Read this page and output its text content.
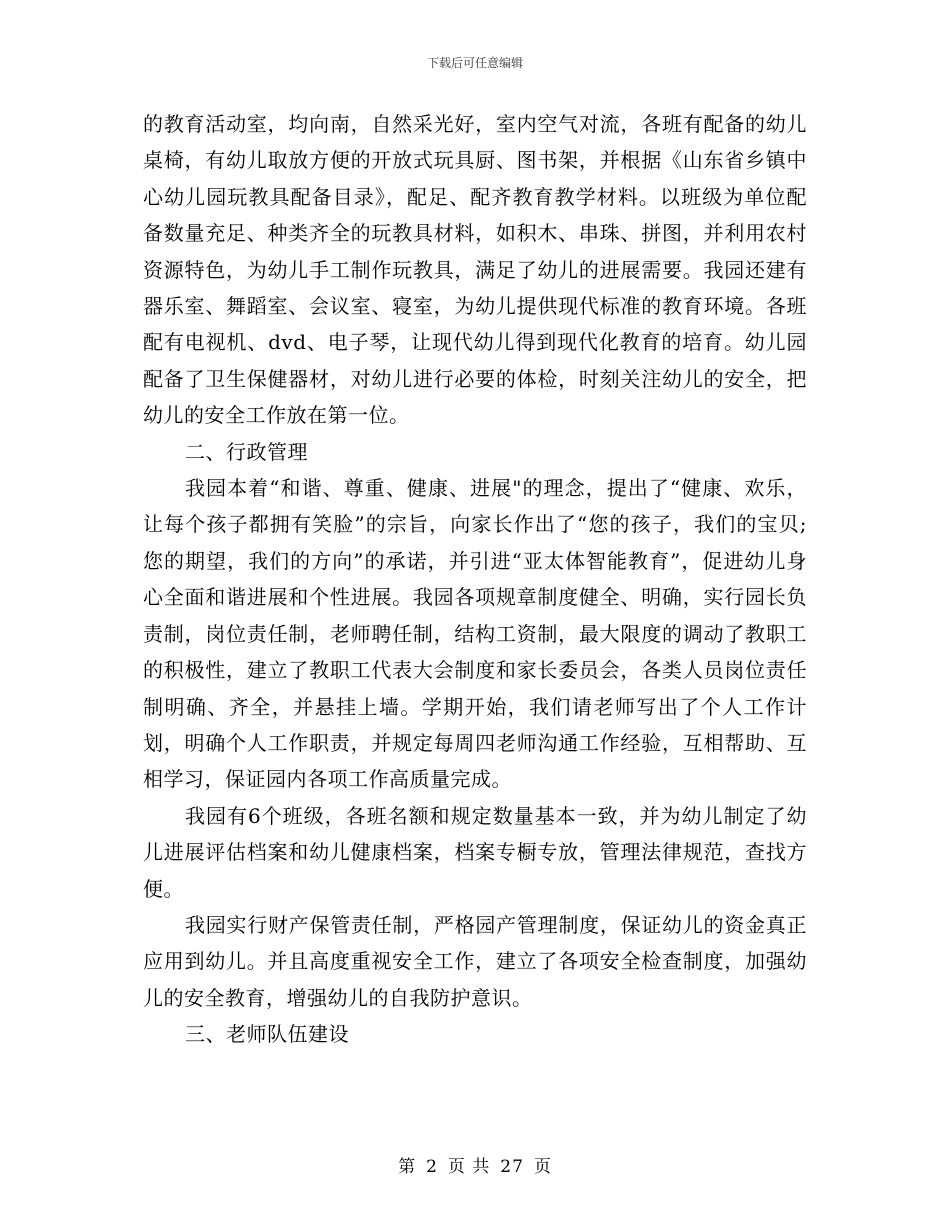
下载后可任意编辑

的教育活动室，均向南，自然采光好，室内空气对流，各班有配备的幼儿桌椅，有幼儿取放方便的开放式玩具厨、图书架，并根据《山东省乡镇中心幼儿园玩教具配备目录》，配足、配齐教育教学材料。以班级为单位配备数量充足、种类齐全的玩教具材料，如积木、串珠、拼图，并利用农村资源特色，为幼儿手工制作玩教具，满足了幼儿的进展需要。我园还建有器乐室、舞蹈室、会议室、寝室，为幼儿提供现代标准的教育环境。各班配有电视机、dvd、电子琴，让现代幼儿得到现代化教育的培育。幼儿园配备了卫生保健器材，对幼儿进行必要的体检，时刻关注幼儿的安全，把幼儿的安全工作放在第一位。

二、行政管理

我园本着“和谐、尊重、健康、进展"的理念，提出了“健康、欢乐，让每个孩子都拥有笑脸”的宗旨，向家长作出了“您的孩子，我们的宝贝;您的期望，我们的方向”的承诺，并引进“亚太体智能教育”，促进幼儿身心全面和谐进展和个性进展。我园各项规章制度健全、明确，实行园长负责制，岗位责任制，老师聘任制，结构工资制，最大限度的调动了教职工的积极性，建立了教职工代表大会制度和家长委员会，各类人员岗位责任制明确、齐全，并悬挂上墙。学期开始，我们请老师写出了个人工作计划，明确个人工作职责，并规定每周四老师沟通工作经验，互相帮助、互相学习，保证园内各项工作高质量完成。

我园有6个班级，各班名额和规定数量基本一致，并为幼儿制定了幼儿进展评估档案和幼儿健康档案，档案专橱专放，管理法律规范，查找方便。

我园实行财产保管责任制，严格园产管理制度，保证幼儿的资金真正应用到幼儿。并且高度重视安全工作，建立了各项安全检查制度，加强幼儿的安全教育，增强幼儿的自我防护意识。

三、老师队伍建设

第 2 页 共 27 页
